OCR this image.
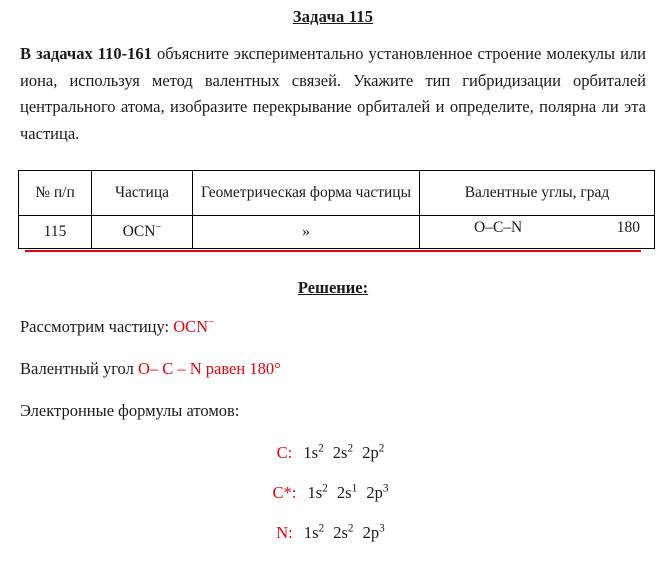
Задача 115

В задачах 110-161 объясните экспериментально установленное строение молекулы или иона, используя метод валентных связей. Укажите тип гибридизации орбиталей центрального атома, изобразите перекрывание орбиталей и определите, полярна ли эта частица.

№ п/п	Частица	Геометрическая форма частицы	Валентные углы, град
115	OCN−	»	O–C–N 180
Решение:
Рассмотрим частицу: OCN−
Валентный угол O– C – N равен 180°
Электронные формулы атомов:
C: $1s^2$ $2s^2$ $2p^2$
C*: $1s^2$ $2s^1$ $2p^3$
N: $1s^2$ $2s^2$ $2p^3$
